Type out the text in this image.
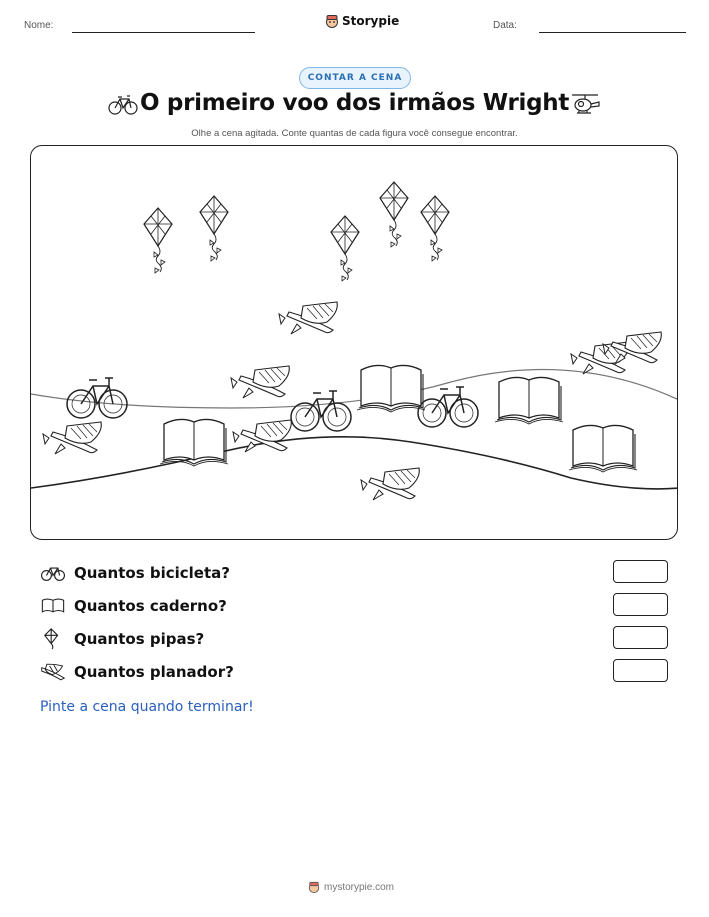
Nome:	Storypie	Data:
CONTAR A CENA
O primeiro voo dos irmãos Wright
Olhe a cena agitada. Conte quantas de cada figura você consegue encontrar.
Quantos bicicleta?
Quantos caderno?
Quantos pipas?
Quantos planador?
Pinte a cena quando terminar!
mystorypie.com
